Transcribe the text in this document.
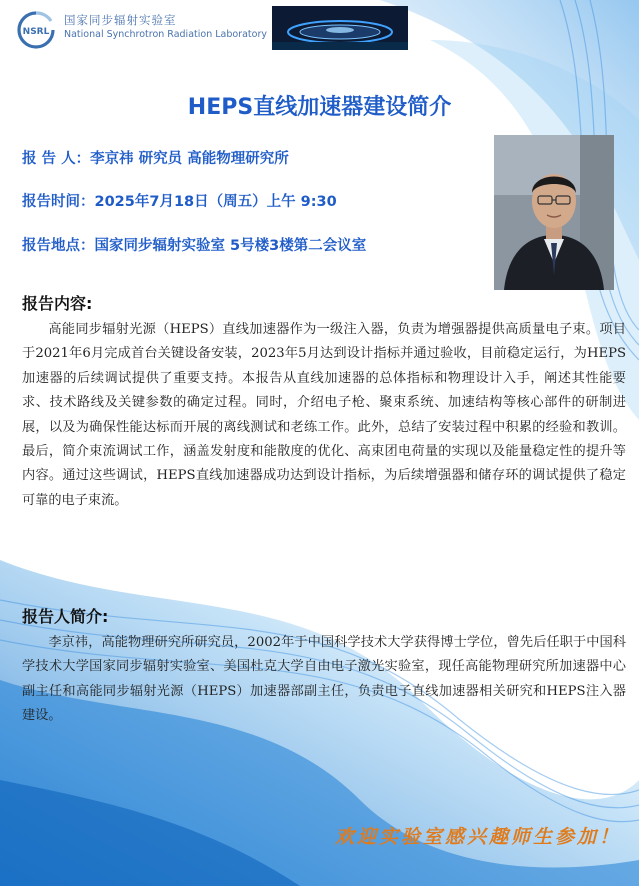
NSRL
国家同步辐射实验室
National Synchrotron Radiation Laboratory
HEPS直线加速器建设简介
报 告 人：李京祎 研究员 高能物理研究所
报告时间：2025年7月18日（周五）上午 9:30
报告地点：国家同步辐射实验室 5号楼3楼第二会议室
报告内容:
高能同步辐射光源（HEPS）直线加速器作为一级注入器，负责为增强器提供高质量电子束。项目于2021年6月完成首台关键设备安装，2023年5月达到设计指标并通过验收，目前稳定运行，为HEPS加速器的后续调试提供了重要支持。本报告从直线加速器的总体指标和物理设计入手，阐述其性能要求、技术路线及关键参数的确定过程。同时，介绍电子枪、聚束系统、加速结构等核心部件的研制进展，以及为确保性能达标而开展的离线测试和老练工作。此外，总结了安装过程中积累的经验和教训。最后，简介束流调试工作，涵盖发射度和能散度的优化、高束团电荷量的实现以及能量稳定性的提升等内容。通过这些调试，HEPS直线加速器成功达到设计指标，为后续增强器和储存环的调试提供了稳定可靠的电子束流。
报告人简介:
李京祎，高能物理研究所研究员，2002年于中国科学技术大学获得博士学位，曾先后任职于中国科学技术大学国家同步辐射实验室、美国杜克大学自由电子激光实验室，现任高能物理研究所加速器中心副主任和高能同步辐射光源（HEPS）加速器部副主任，负责电子直线加速器相关研究和HEPS注入器建设。
欢迎实验室感兴趣师生参加！
